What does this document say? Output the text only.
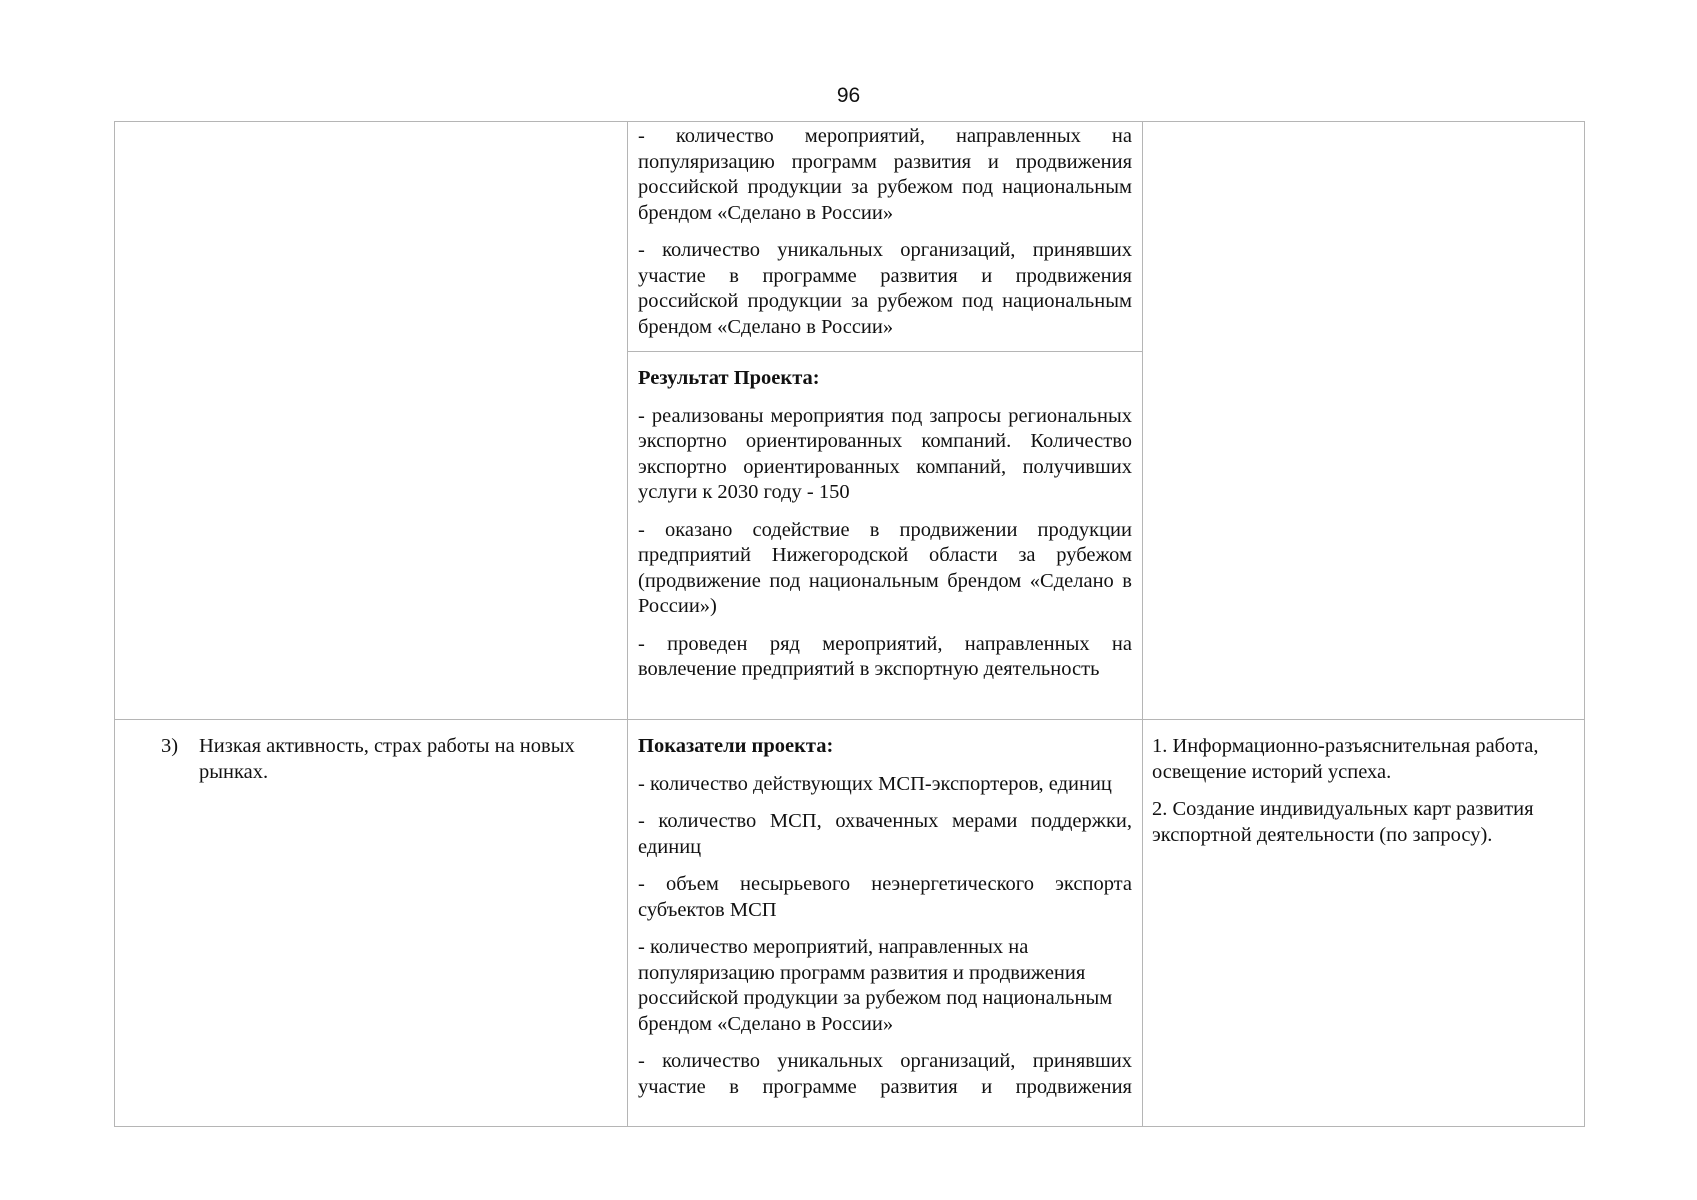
96

- количество мероприятий, направленных на популяризацию программ развития и продвижения российской продукции за рубежом под национальным брендом «Сделано в России»

- количество уникальных организаций, принявших участие в программе развития и продвижения российской продукции за рубежом под национальным брендом «Сделано в России»

Результат Проекта:

- реализованы мероприятия под запросы региональных экспортно ориентированных компаний. Количество экспортно ориентированных компаний, получивших услуги к 2030 году - 150

- оказано содействие в продвижении продукции предприятий Нижегородской области за рубежом (продвижение под национальным брендом «Сделано в России»)

- проведен ряд мероприятий, направленных на вовлечение предприятий в экспортную деятельность

3) Низкая активность, страх работы на новых рынках.

Показатели проекта:

- количество действующих МСП-экспортеров, единиц

- количество МСП, охваченных мерами поддержки, единиц

- объем несырьевого неэнергетического экспорта субъектов МСП

- количество мероприятий, направленных на популяризацию программ развития и продвижения российской продукции за рубежом под национальным брендом «Сделано в России»

- количество уникальных организаций, принявших участие в программе развития и продвижения

1. Информационно-разъяснительная работа, освещение историй успеха.

2. Создание индивидуальных карт развития экспортной деятельности (по запросу).
